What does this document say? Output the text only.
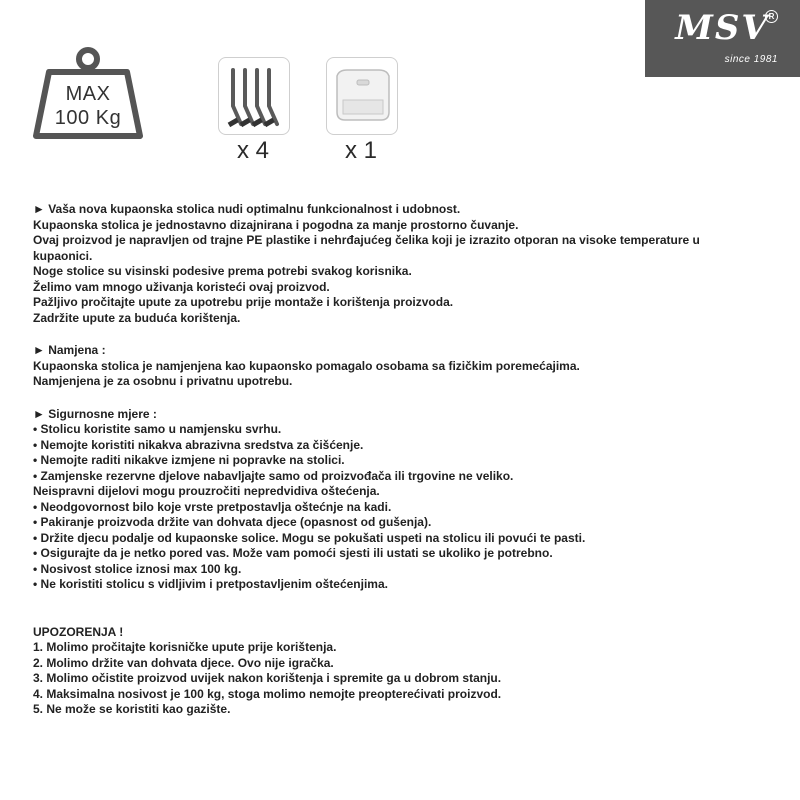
MSV
R
since 1981
MAX
100 Kg
x 4	x 1

► Vaša nova kupaonska stolica nudi optimalnu funkcionalnost i udobnost.

Kupaonska stolica je jednostavno dizajnirana i pogodna za manje prostorno čuvanje.

Ovaj proizvod je napravljen od trajne PE plastike i nehrđajućeg čelika koji je izrazito otporan na visoke temperature u

kupaonici.

Noge stolice su visinski podesive prema potrebi svakog korisnika.

Želimo vam mnogo uživanja koristeći ovaj proizvod.

Pažljivo pročitajte upute za upotrebu prije montaže i korištenja proizvoda.

Zadržite upute za buduća korištenja.

► Namjena :

Kupaonska stolica je namjenjena kao kupaonsko pomagalo osobama sa fizičkim poremećajima.

Namjenjena je za osobnu i privatnu upotrebu.

► Sigurnosne mjere :

• Stolicu koristite samo u namjensku svrhu.

• Nemojte koristiti nikakva abrazivna sredstva za čišćenje.

• Nemojte raditi nikakve izmjene ni popravke na stolici.

• Zamjenske rezervne djelove nabavljajte samo od proizvođača ili trgovine ne veliko.

Neispravni dijelovi mogu prouzročiti nepredvidiva oštećenja.

• Neodgovornost bilo koje vrste pretpostavlja oštećnje na kadi.

• Pakiranje proizvoda držite van dohvata djece (opasnost od gušenja).

• Držite djecu podalje od kupaonske solice. Mogu se pokušati uspeti na stolicu ili povući te pasti.

• Osigurajte da je netko pored vas. Može vam pomoći sjesti ili ustati se ukoliko je potrebno.

• Nosivost stolice iznosi max 100 kg.

• Ne koristiti stolicu s vidljivim i pretpostavljenim oštećenjima.

UPOZORENJA !

1. Molimo pročitajte korisničke upute prije korištenja.

2. Molimo držite van dohvata djece. Ovo nije igračka.

3. Molimo očistite proizvod uvijek nakon korištenja i spremite ga u dobrom stanju.

4. Maksimalna nosivost je 100 kg, stoga molimo nemojte preopterećivati proizvod.

5. Ne može se koristiti kao gazište.
